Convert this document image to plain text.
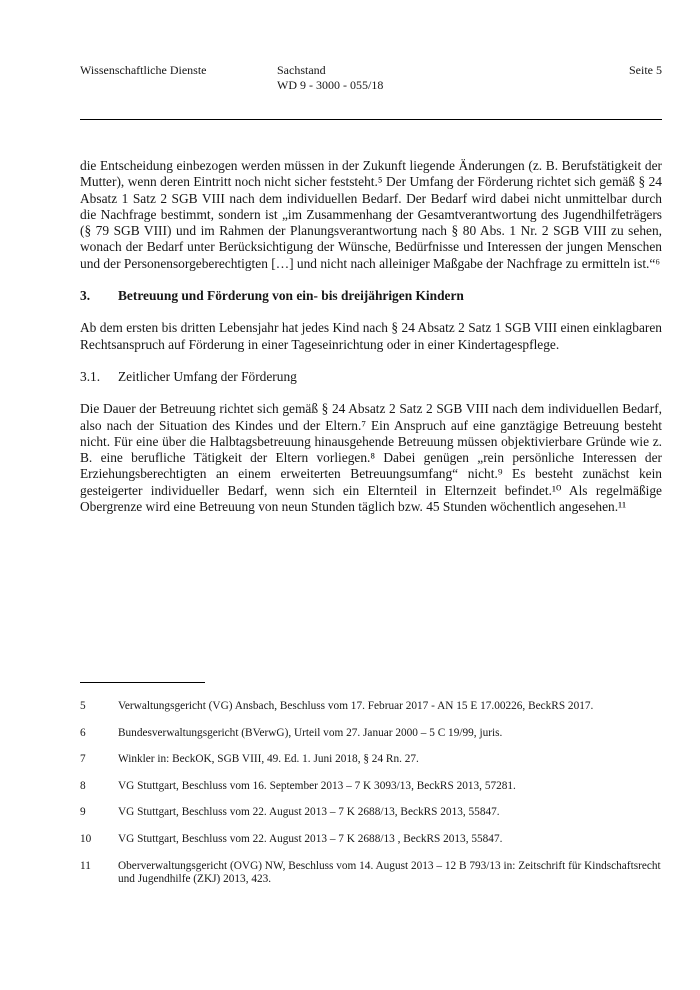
Wissenschaftliche Dienste	Sachstand
WD 9 - 3000 - 055/18
Seite 5

die Entscheidung einbezogen werden müssen in der Zukunft liegende Änderungen (z. B. Berufstätigkeit der Mutter), wenn deren Eintritt noch nicht sicher feststeht.⁵ Der Umfang der Förderung richtet sich gemäß § 24 Absatz 1 Satz 2 SGB VIII nach dem individuellen Bedarf. Der Bedarf wird dabei nicht unmittelbar durch die Nachfrage bestimmt, sondern ist „im Zusammenhang der Gesamtverantwortung des Jugendhilfeträgers (§ 79 SGB VIII) und im Rahmen der Planungsverantwortung nach § 80 Abs. 1 Nr. 2 SGB VIII zu sehen, wonach der Bedarf unter Berücksichtigung der Wünsche, Bedürfnisse und Interessen der jungen Menschen und der Personensorgeberechtigten […] und nicht nach alleiniger Maßgabe der Nachfrage zu ermitteln ist.“⁶

3.	Betreuung und Förderung von ein- bis dreijährigen Kindern

Ab dem ersten bis dritten Lebensjahr hat jedes Kind nach § 24 Absatz 2 Satz 1 SGB VIII einen einklagbaren Rechtsanspruch auf Förderung in einer Tageseinrichtung oder in einer Kindertagespflege.

3.1.	Zeitlicher Umfang der Förderung

Die Dauer der Betreuung richtet sich gemäß § 24 Absatz 2 Satz 2 SGB VIII nach dem individuellen Bedarf, also nach der Situation des Kindes und der Eltern.⁷ Ein Anspruch auf eine ganztägige Betreuung besteht nicht. Für eine über die Halbtagsbetreuung hinausgehende Betreuung müssen objektivierbare Gründe wie z. B. eine berufliche Tätigkeit der Eltern vorliegen.⁸ Dabei genügen „rein persönliche Interessen der Erziehungsberechtigten an einem erweiterten Betreuungsumfang“ nicht.⁹ Es besteht zunächst kein gesteigerter individueller Bedarf, wenn sich ein Elternteil in Elternzeit befindet.¹⁰ Als regelmäßige Obergrenze wird eine Betreuung von neun Stunden täglich bzw. 45 Stunden wöchentlich angesehen.¹¹

5	Verwaltungsgericht (VG) Ansbach, Beschluss vom 17. Februar 2017 - AN 15 E 17.00226, BeckRS 2017.
6	Bundesverwaltungsgericht (BVerwG), Urteil vom 27. Januar 2000 – 5 C 19/99, juris.
7	Winkler in: BeckOK, SGB VIII, 49. Ed. 1. Juni 2018, § 24 Rn. 27.
8	VG Stuttgart, Beschluss vom 16. September 2013 – 7 K 3093/13, BeckRS 2013, 57281.
9	VG Stuttgart, Beschluss vom 22. August 2013 – 7 K 2688/13, BeckRS 2013, 55847.
10	VG Stuttgart, Beschluss vom 22. August 2013 – 7 K 2688/13 , BeckRS 2013, 55847.
11	Oberverwaltungsgericht (OVG) NW, Beschluss vom 14. August 2013 – 12 B 793/13 in: Zeitschrift für Kindschaftsrecht und Jugendhilfe (ZKJ) 2013, 423.
